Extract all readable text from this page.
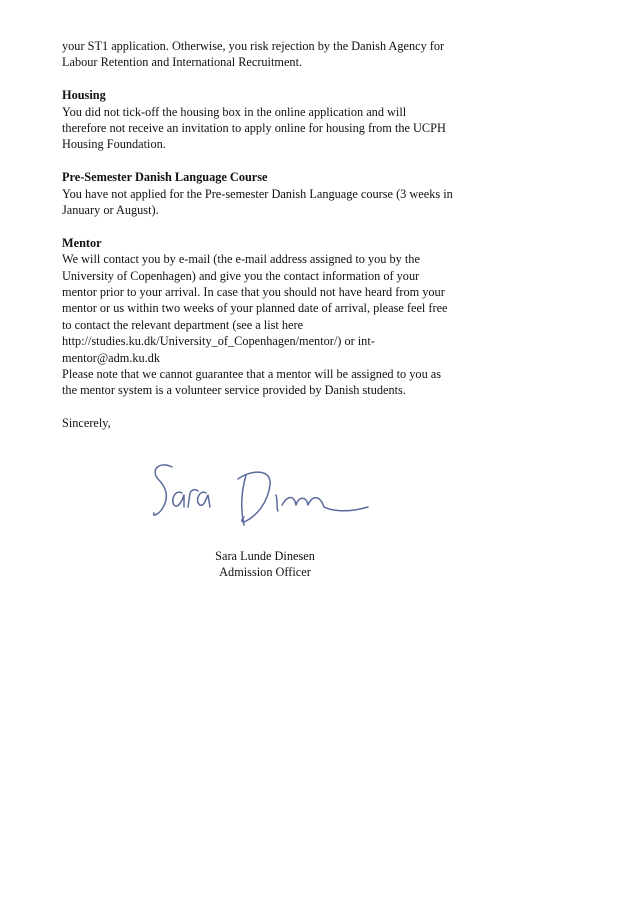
your ST1 application. Otherwise, you risk rejection by the Danish Agency for
Labour Retention and International Recruitment.
Housing
You did not tick-off the housing box in the online application and will
therefore not receive an invitation to apply online for housing from the UCPH
Housing Foundation.
Pre-Semester Danish Language Course
You have not applied for the Pre-semester Danish Language course (3 weeks in
January or August).
Mentor
We will contact you by e-mail (the e-mail address assigned to you by the
University of Copenhagen) and give you the contact information of your
mentor prior to your arrival. In case that you should not have heard from your
mentor or us within two weeks of your planned date of arrival, please feel free
to contact the relevant department (see a list here
http://studies.ku.dk/University_of_Copenhagen/mentor/) or int-
mentor@adm.ku.dk
Please note that we cannot guarantee that a mentor will be assigned to you as
the mentor system is a volunteer service provided by Danish students.
Sincerely,
Sara Lunde Dinesen
Admission Officer
